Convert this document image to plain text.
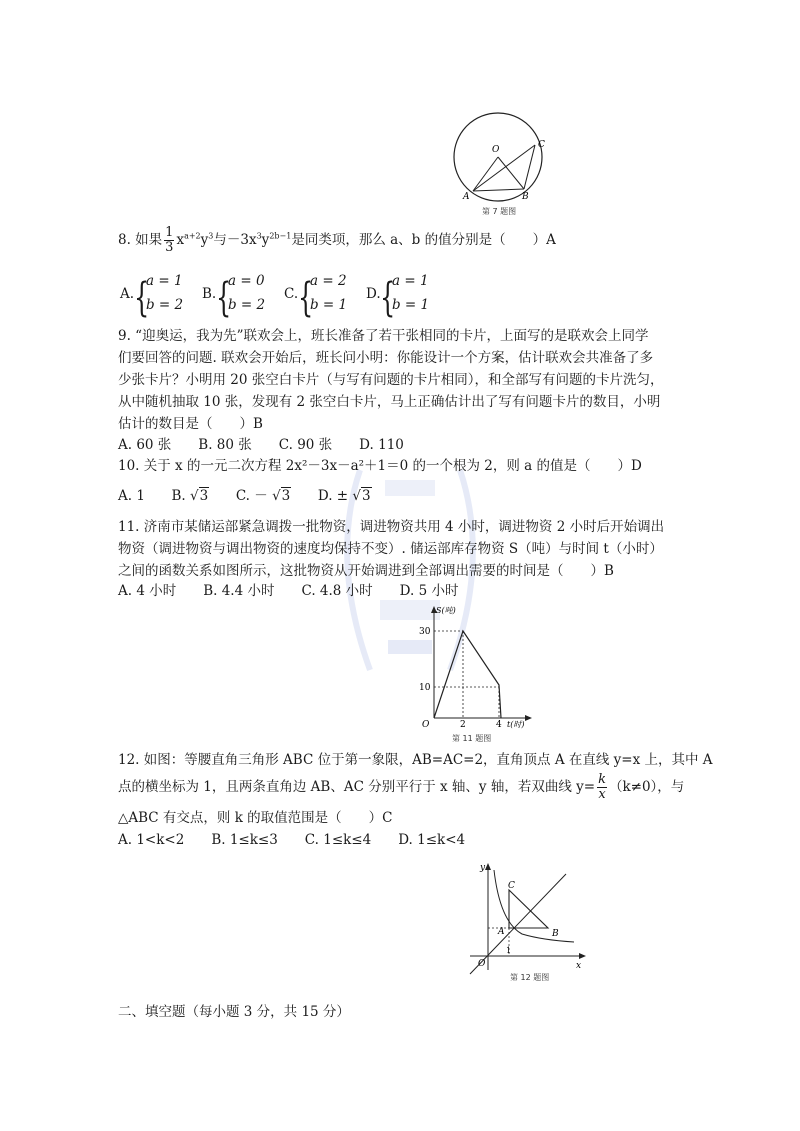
O	C
A	B
第 7 题图
8. 如果 $\frac{1}{3} x^{a+2}y^3$与$-3x^3y^{2b-1}$是同类项，那么 a、b 的值分别是（　　）A
A. {
a = 1
b = 2
B. {
a = 0
b = 2
C. {
a = 2
b = 1
D. {
a = 1
b = 1
9. “迎奥运，我为先”联欢会上，班长准备了若干张相同的卡片，上面写的是联欢会上同学
们要回答的问题. 联欢会开始后，班长问小明：你能设计一个方案，估计联欢会共准备了多
少张卡片？小明用 20 张空白卡片（与写有问题的卡片相同），和全部写有问题的卡片洗匀，
从中随机抽取 10 张，发现有 2 张空白卡片，马上正确估计出了写有问题卡片的数目，小明
估计的数目是（　　）B
A. 60 张　　B. 80 张　　C. 90 张　　D. 110
10. 关于 x 的一元二次方程 2x²－3x－a²＋1＝0 的一个根为 2，则 a 的值是（　　）D
A. 1 B. √3 C. － √3 D. ± √3
11. 济南市某储运部紧急调拨一批物资，调进物资共用 4 小时，调进物资 2 小时后开始调出
物资（调进物资与调出物资的速度均保持不变）. 储运部库存物资 S（吨）与时间 t（小时）
之间的函数关系如图所示，这批物资从开始调进到全部调出需要的时间是（　　）B
A. 4 小时　　B. 4.4 小时　　C. 4.8 小时　　D. 5 小时
S(吨)
30
10
O	2	4 t(时)
第 11 题图
12. 如图：等腰直角三角形 ABC 位于第一象限，AB=AC=2，直角顶点 A 在直线 y=x 上，其中 A
点的横坐标为 1，且两条直角边 AB、AC 分别平行于 x 轴、y 轴，若双曲线 $y= \frac{k}{x} (k\ne 0)$，与
△ABC 有交点，则 k 的取值范围是（　　）C
A. 1<k<2　　B. 1≤k≤3　　C. 1≤k≤4　　D. 1≤k<4
y
C
A	B
1
O	x
第 12 题图
二、填空题（每小题 3 分，共 15 分）
